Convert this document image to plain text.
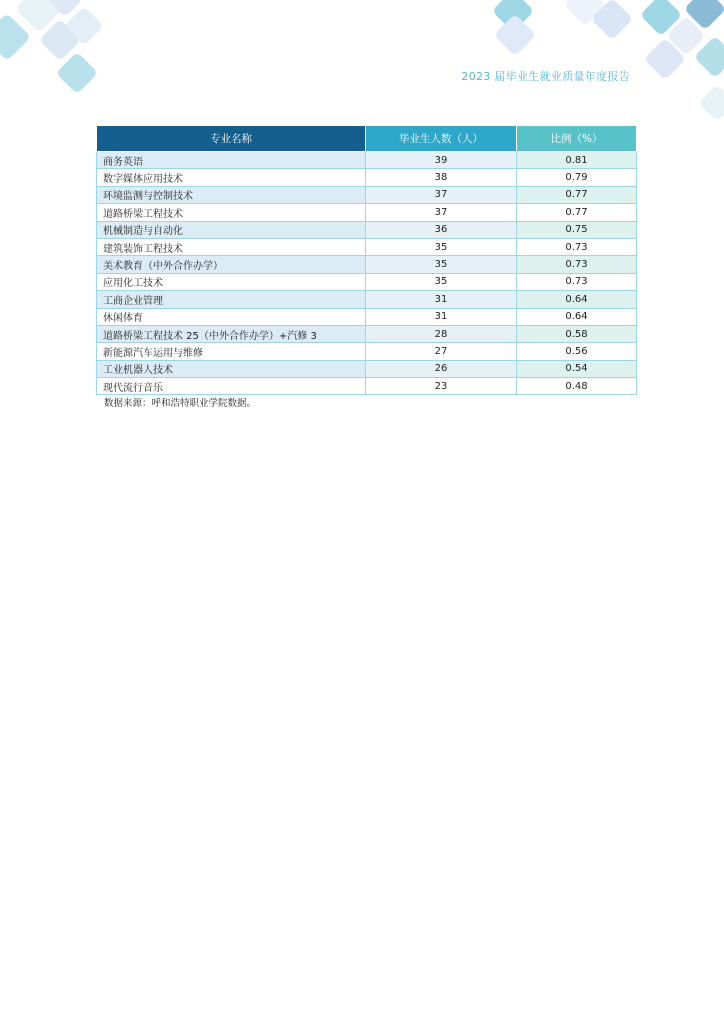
2023 届毕业生就业质量年度报告
专业名称	毕业生人数（人）	比例（%）
商务英语	39	0.81
数字媒体应用技术	38	0.79
环境监测与控制技术	37	0.77
道路桥梁工程技术	37	0.77
机械制造与自动化	36	0.75
建筑装饰工程技术	35	0.73
美术教育（中外合作办学）	35	0.73
应用化工技术	35	0.73
工商企业管理	31	0.64
休闲体育	31	0.64
道路桥梁工程技术 25（中外合作办学）+汽修 3	28	0.58
新能源汽车运用与维修	27	0.56
工业机器人技术	26	0.54
现代流行音乐	23	0.48
数据来源：呼和浩特职业学院数据。
